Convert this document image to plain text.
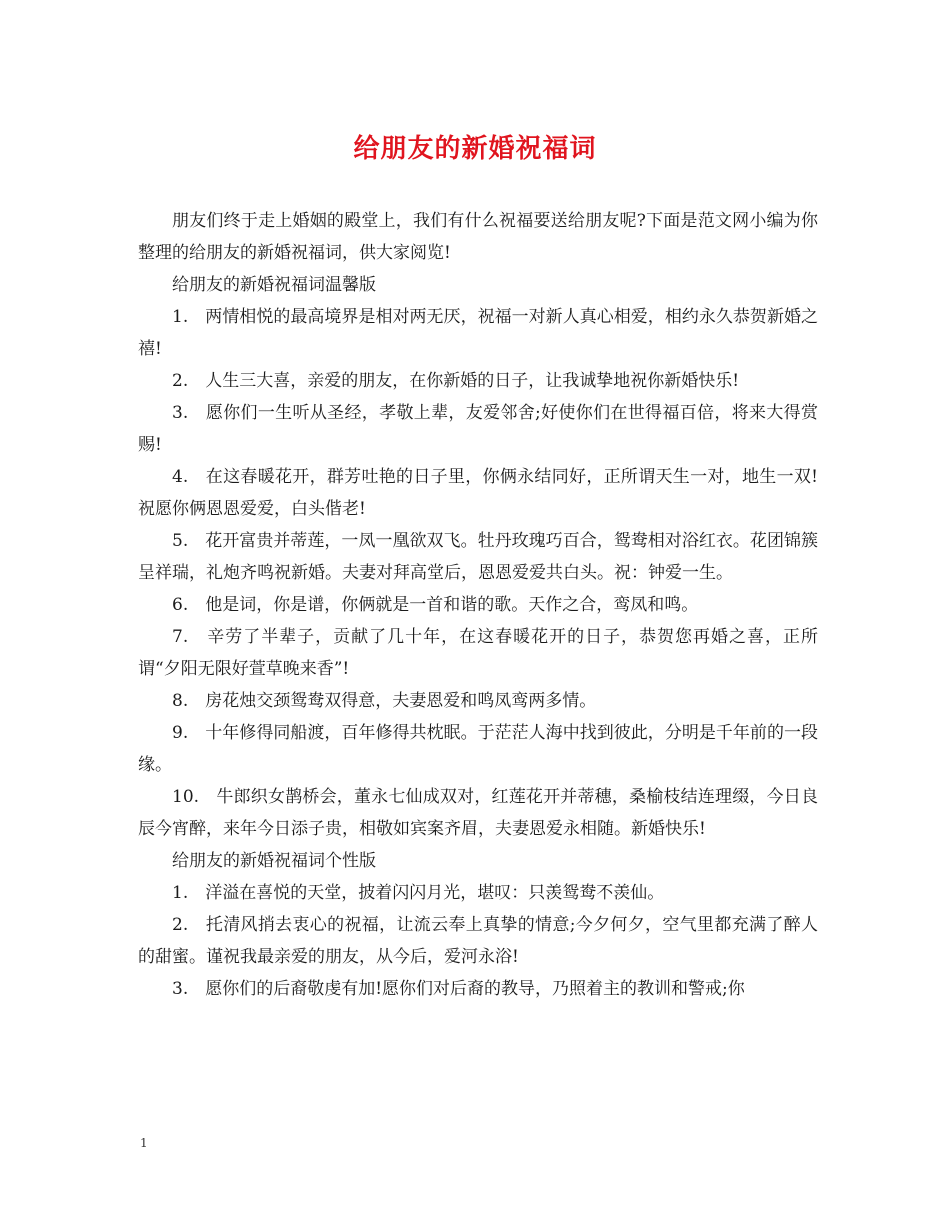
给朋友的新婚祝福词

朋友们终于走上婚姻的殿堂上，我们有什么祝福要送给朋友呢?下面是范文网小编为你整理的给朋友的新婚祝福词，供大家阅览!

给朋友的新婚祝福词温馨版

1.　两情相悦的最高境界是相对两无厌，祝福一对新人真心相爱，相约永久恭贺新婚之禧!

2.　人生三大喜，亲爱的朋友，在你新婚的日子，让我诚挚地祝你新婚快乐!

3.　愿你们一生听从圣经，孝敬上辈，友爱邻舍;好使你们在世得福百倍，将来大得赏赐!

4.　在这春暖花开，群芳吐艳的日子里，你俩永结同好，正所谓天生一对，地生一双!祝愿你俩恩恩爱爱，白头偕老!

5.　花开富贵并蒂莲，一凤一凰欲双飞。牡丹玫瑰巧百合，鸳鸯相对浴红衣。花团锦簇呈祥瑞，礼炮齐鸣祝新婚。夫妻对拜高堂后，恩恩爱爱共白头。祝：钟爱一生。

6.　他是词，你是谱，你俩就是一首和谐的歌。天作之合，鸾凤和鸣。

7.　辛劳了半辈子，贡献了几十年，在这春暖花开的日子，恭贺您再婚之喜，正所谓“夕阳无限好萱草晚来香”!

8.　房花烛交颈鸳鸯双得意，夫妻恩爱和鸣凤鸾两多情。

9.　十年修得同船渡，百年修得共枕眠。于茫茫人海中找到彼此，分明是千年前的一段缘。

10.　牛郎织女鹊桥会，董永七仙成双对，红莲花开并蒂穗，桑榆枝结连理缀，今日良辰今宵醉，来年今日添子贵，相敬如宾案齐眉，夫妻恩爱永相随。新婚快乐!

给朋友的新婚祝福词个性版

1.　洋溢在喜悦的天堂，披着闪闪月光，堪叹：只羡鸳鸯不羡仙。

2.　托清风捎去衷心的祝福，让流云奉上真挚的情意;今夕何夕，空气里都充满了醉人的甜蜜。谨祝我最亲爱的朋友，从今后，爱河永浴!

3.　愿你们的后裔敬虔有加!愿你们对后裔的教导，乃照着主的教训和警戒;你

1
